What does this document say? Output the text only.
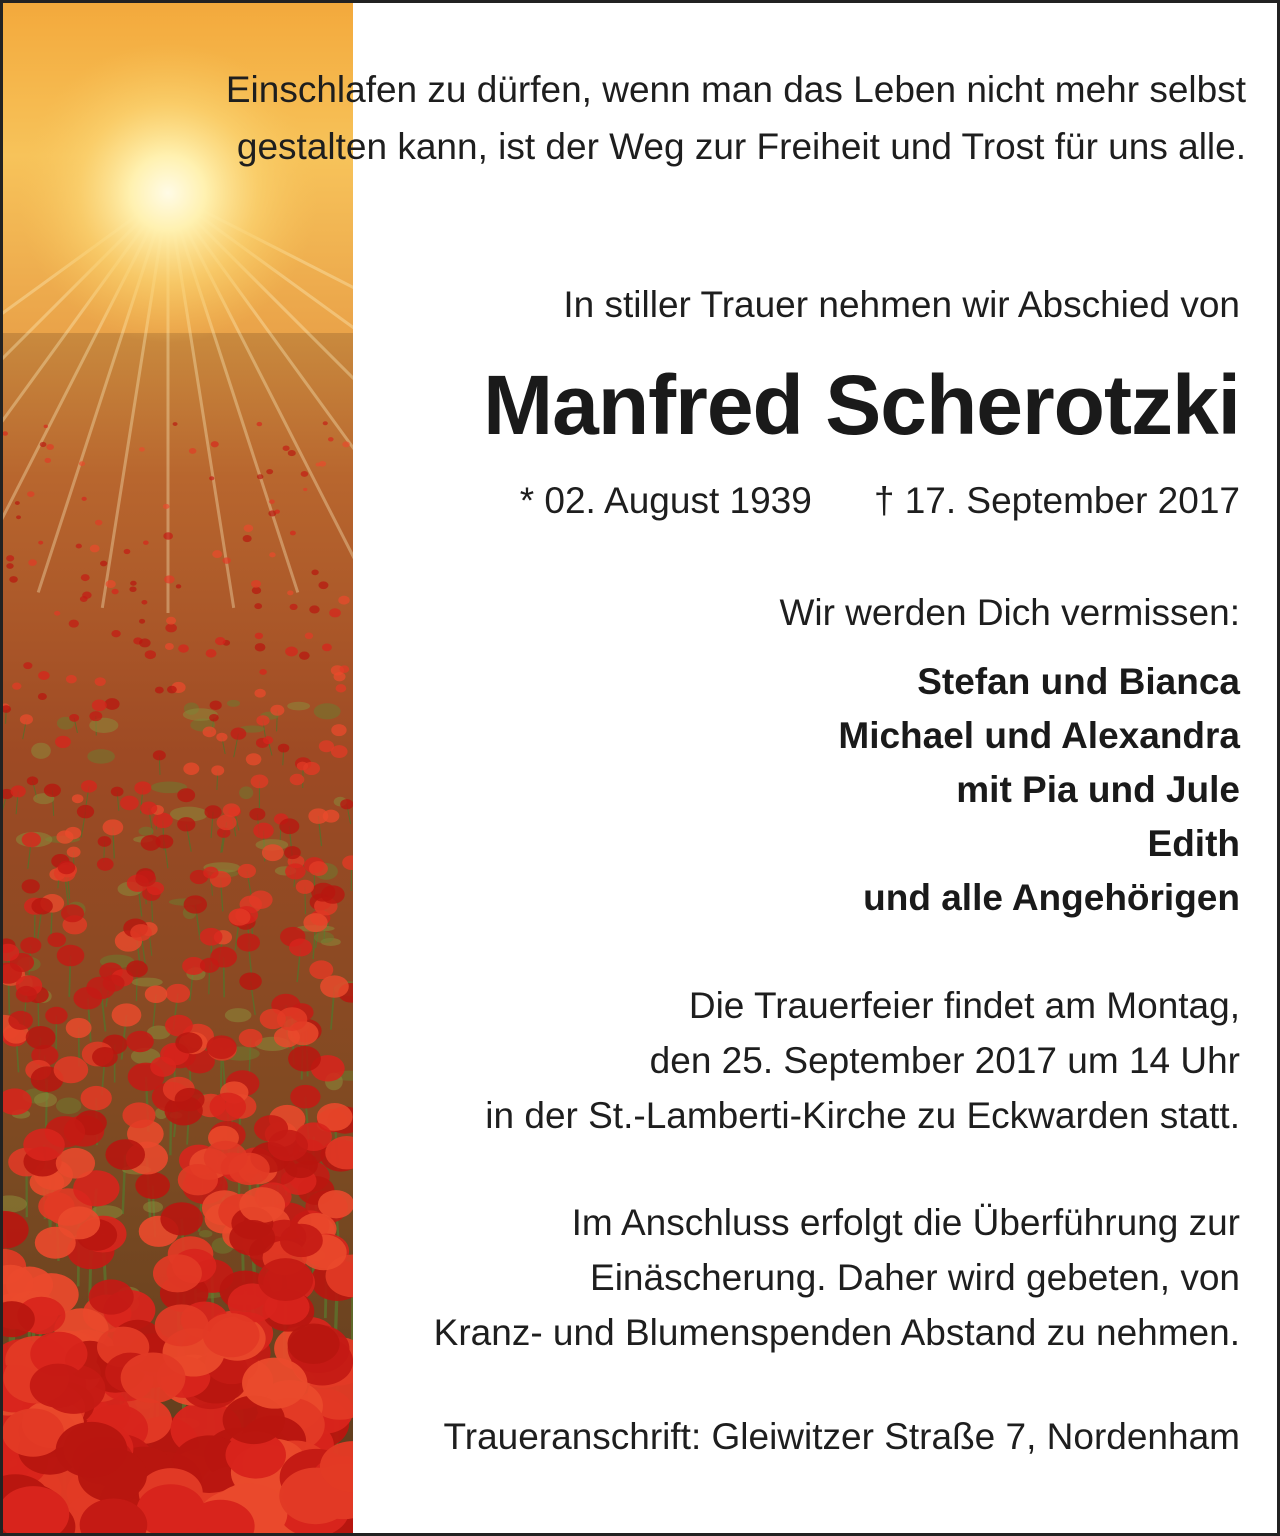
Einschlafen zu dürfen, wenn man das Leben nicht mehr selbst gestalten kann, ist der Weg zur Freiheit und Trost für uns alle.

In stiller Trauer nehmen wir Abschied von

Manfred Scherotzki

* 02. August 1939 † 17. September 2017

Wir werden Dich vermissen:

Stefan und Bianca
Michael und Alexandra
mit Pia und Jule
Edith
und alle Angehörigen

Die Trauerfeier findet am Montag,
den 25. September 2017 um 14 Uhr
in der St.-Lamberti-Kirche zu Eckwarden statt.

Im Anschluss erfolgt die Überführung zur
Einäscherung. Daher wird gebeten, von
Kranz- und Blumenspenden Abstand zu nehmen.

Traueranschrift: Gleiwitzer Straße 7, Nordenham
